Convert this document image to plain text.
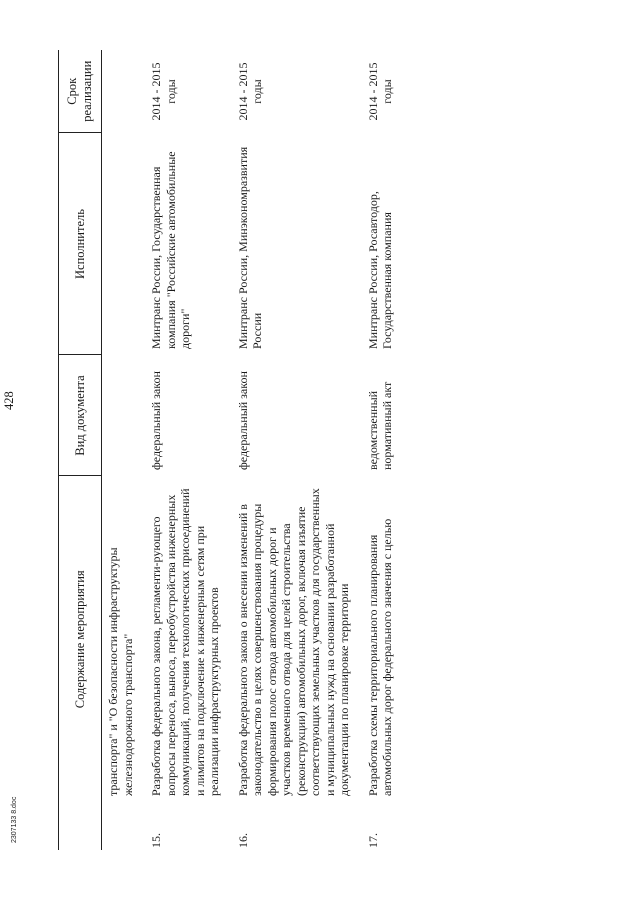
428
	Содержание мероприятия	Вид документа	Исполнитель	Срок реализации
	транспорта" и "О безопасности инфраструктуры железнодорожного транспорта"			
15.	Разработка федерального закона, регламенти-рующего вопросы переноса, выноса, переобустройства инженерных коммуникаций, получения технологических присоединений и лимитов на подключение к инженерным сетям при реализации инфраструктурных проектов	федеральный закон	Минтранс России, Государственная компания "Российские автомобильные дороги"	2014 - 2015 годы
16.	Разработка федерального закона о внесении изменений в законодательство в целях совершенствования процедуры формирования полос отвода автомобильных дорог и участков временного отвода для целей строительства (реконструкции) автомобильных дорог, включая изъятие соответствующих земельных участков для государственных и муниципальных нужд на основании разработанной документации по планировке территории	федеральный закон	Минтранс России, Минэкономразвития России	2014 - 2015 годы
17.	Разработка схемы территориального планирования автомобильных дорог федерального значения с целью	ведомственный нормативный акт	Минтранс России, Росавтодор, Государственная компания	2014 - 2015 годы
2307133 8.doc
